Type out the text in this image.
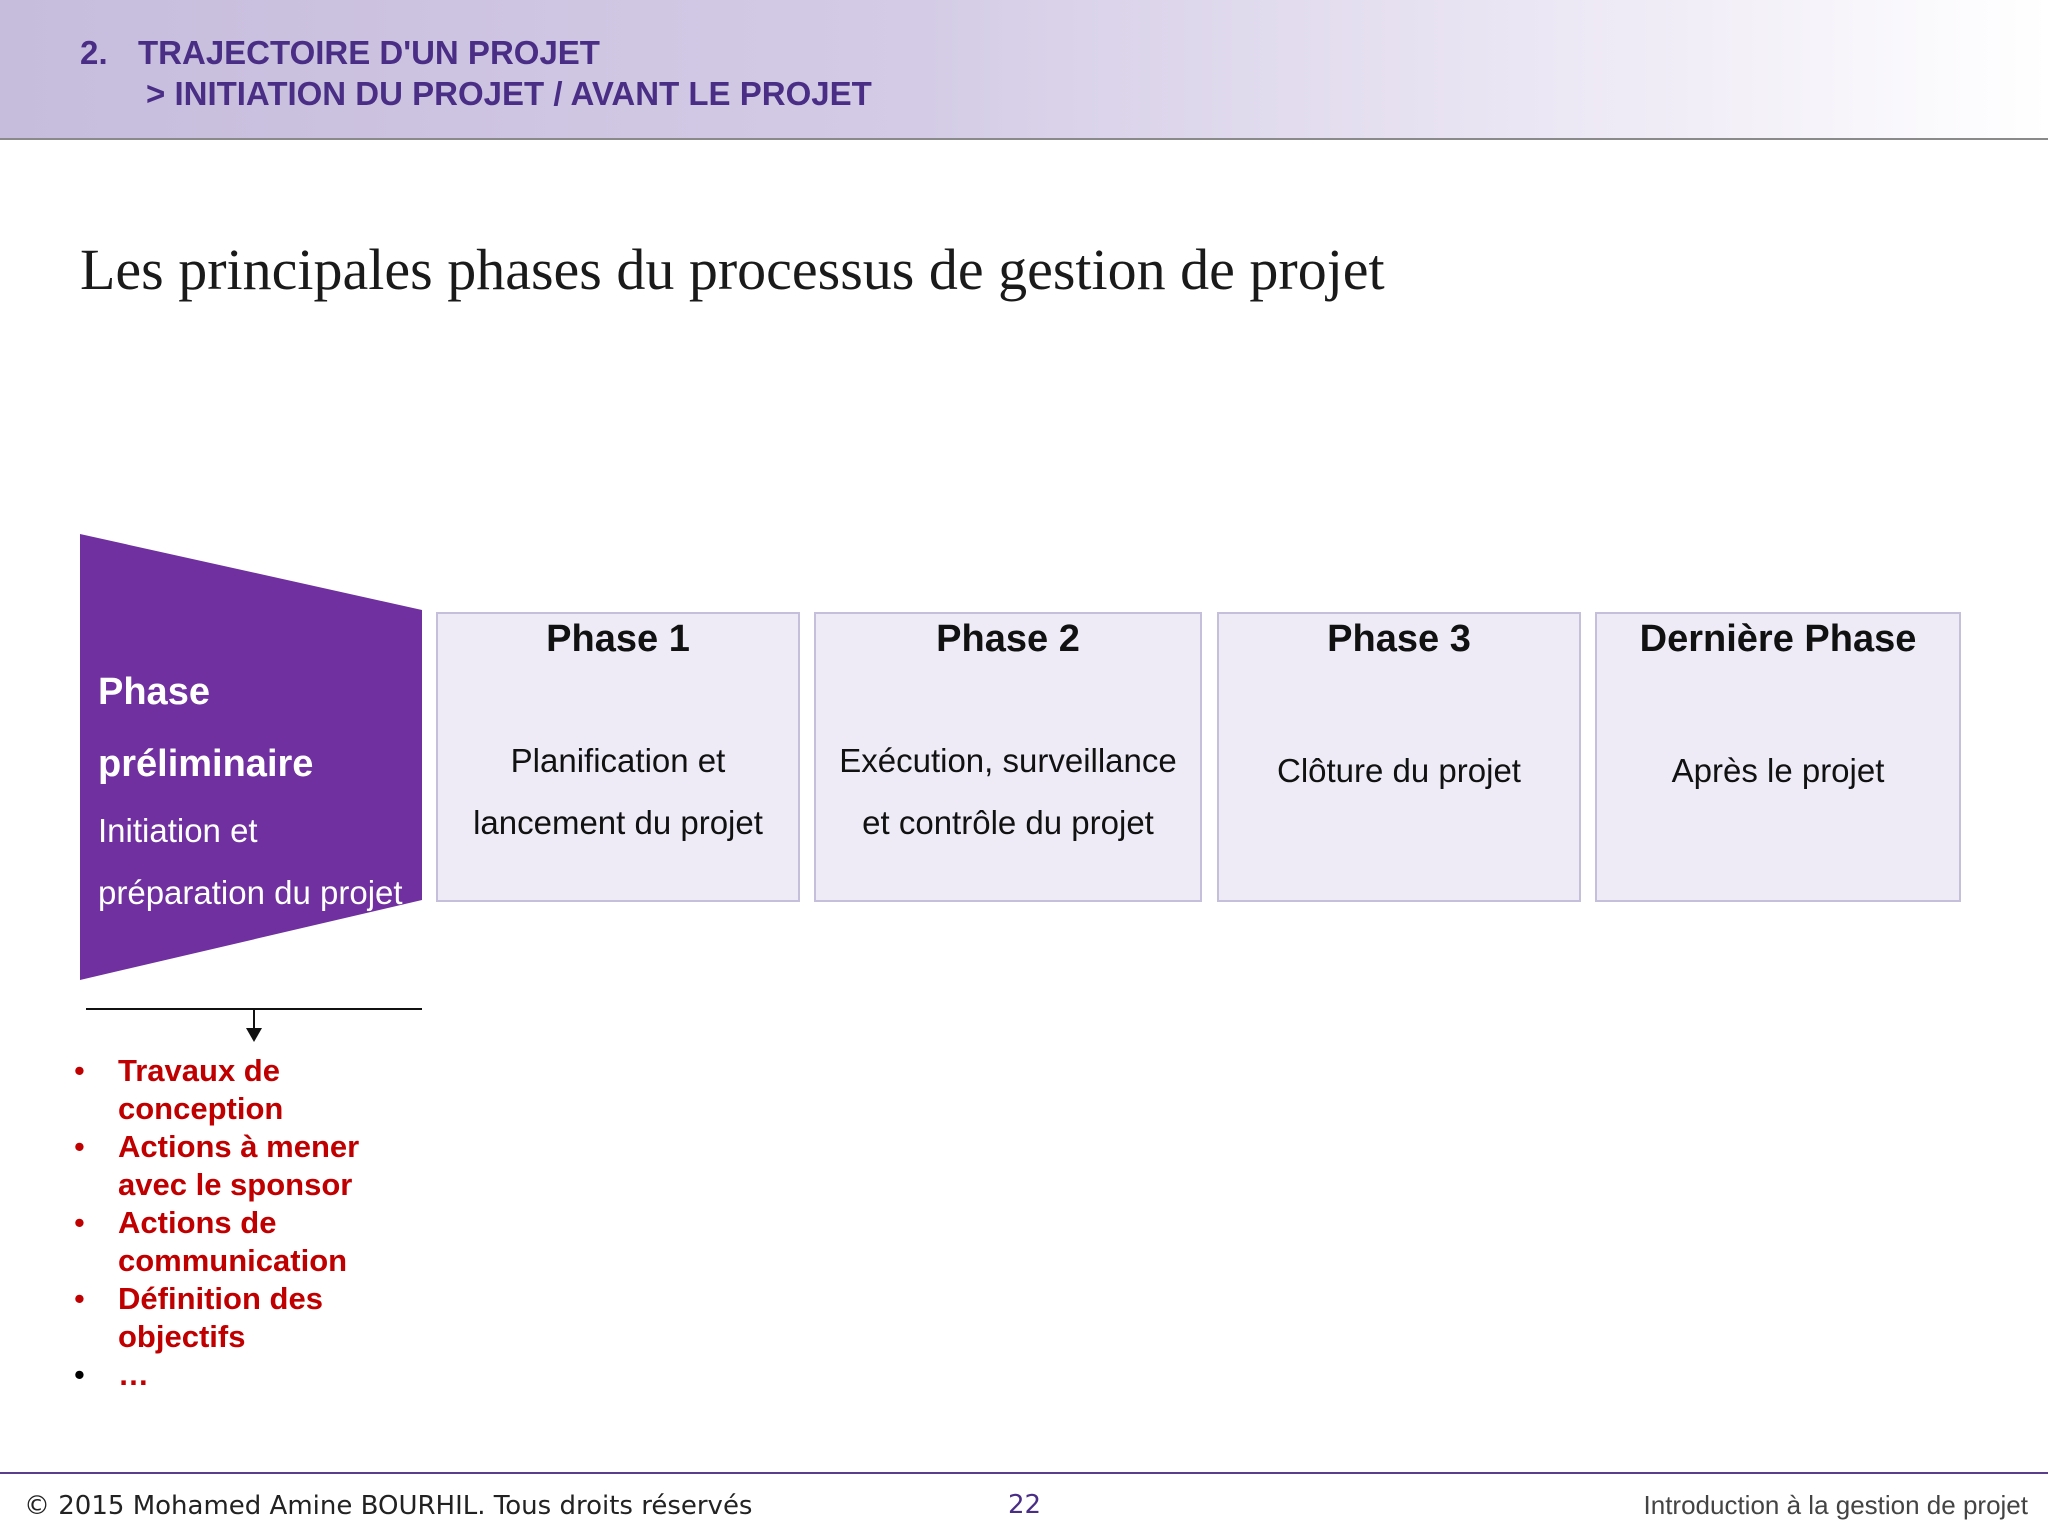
2. TRAJECTOIRE D'UN PROJET
> INITIATION DU PROJET / AVANT LE PROJET
Les principales phases du processus de gestion de projet
Phase
préliminaire
Initiation et
préparation du projet
Phase 1
Planification et
lancement du projet
Phase 2
Exécution, surveillance
et contrôle du projet
Phase 3
Clôture du projet
Dernière Phase
Après le projet
• Travaux de
conception
• Actions à mener
avec le sponsor
• Actions de
communication
• Définition des
objectifs
• …
© 2015 Mohamed Amine BOURHIL. Tous droits réservés	22	Introduction à la gestion de projet
